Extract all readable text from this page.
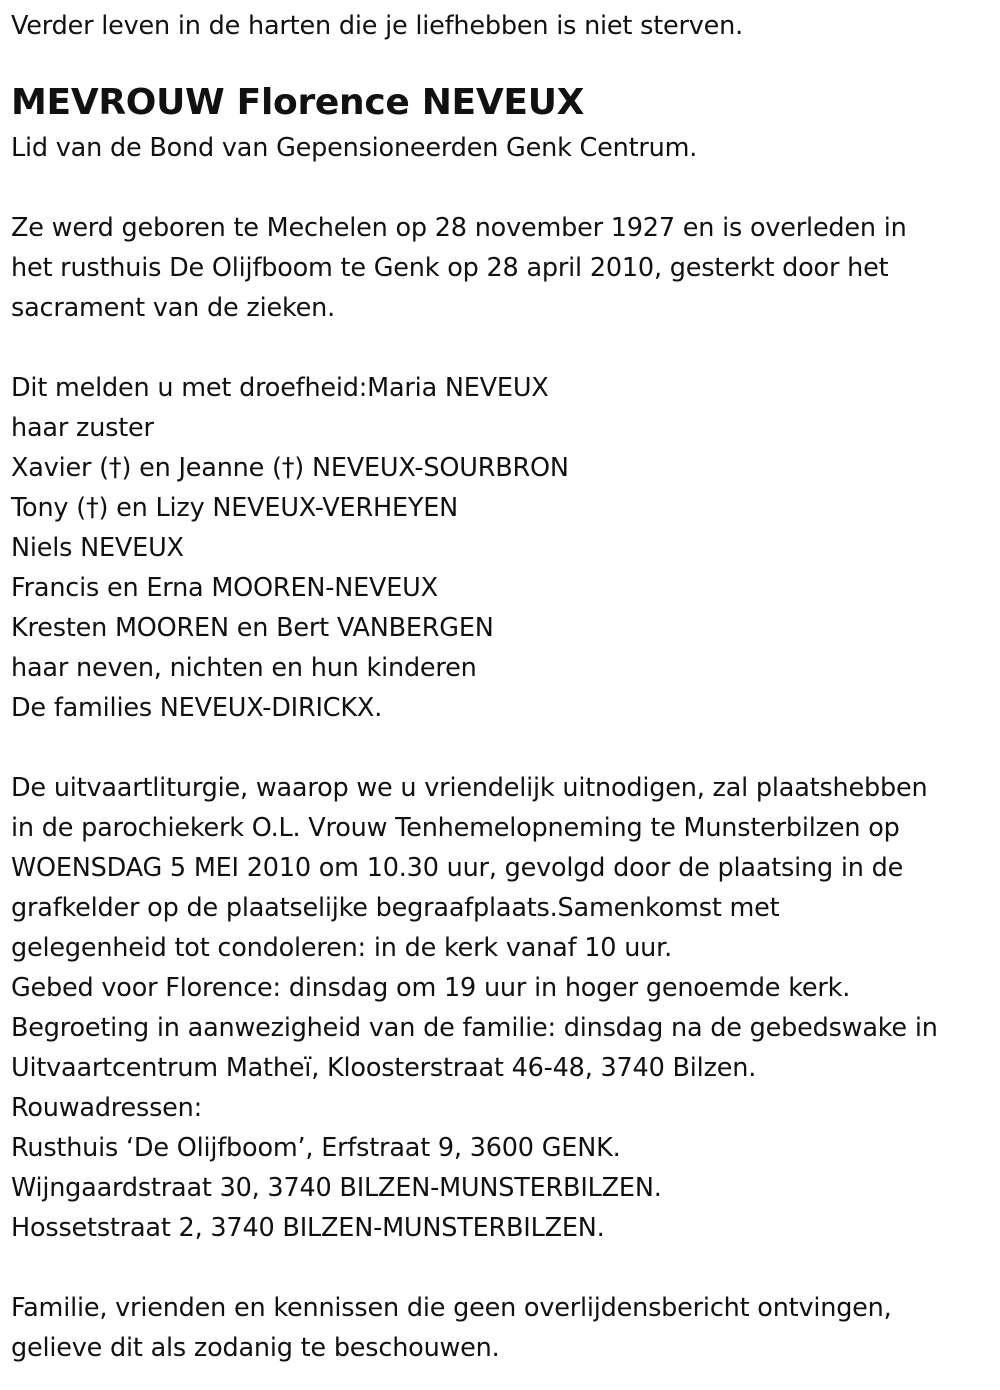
Verder leven in de harten die je liefhebben is niet sterven.
MEVROUW Florence NEVEUX
Lid van de Bond van Gepensioneerden Genk Centrum.
Ze werd geboren te Mechelen op 28 november 1927 en is overleden in
het rusthuis De Olijfboom te Genk op 28 april 2010, gesterkt door het
sacrament van de zieken.
Dit melden u met droefheid:Maria NEVEUX
haar zuster
Xavier (†) en Jeanne (†) NEVEUX-SOURBRON
Tony (†) en Lizy NEVEUX-VERHEYEN
Niels NEVEUX
Francis en Erna MOOREN-NEVEUX
Kresten MOOREN en Bert VANBERGEN
haar neven, nichten en hun kinderen
De families NEVEUX-DIRICKX.
De uitvaartliturgie, waarop we u vriendelijk uitnodigen, zal plaatshebben
in de parochiekerk O.L. Vrouw Tenhemelopneming te Munsterbilzen op
WOENSDAG 5 MEI 2010 om 10.30 uur, gevolgd door de plaatsing in de
grafkelder op de plaatselijke begraafplaats.Samenkomst met
gelegenheid tot condoleren: in de kerk vanaf 10 uur.
Gebed voor Florence: dinsdag om 19 uur in hoger genoemde kerk.
Begroeting in aanwezigheid van de familie: dinsdag na de gebedswake in
Uitvaartcentrum Matheï, Kloosterstraat 46-48, 3740 Bilzen.
Rouwadressen:
Rusthuis ‘De Olijfboom’, Erfstraat 9, 3600 GENK.
Wijngaardstraat 30, 3740 BILZEN-MUNSTERBILZEN.
Hossetstraat 2, 3740 BILZEN-MUNSTERBILZEN.
Familie, vrienden en kennissen die geen overlijdensbericht ontvingen,
gelieve dit als zodanig te beschouwen.
